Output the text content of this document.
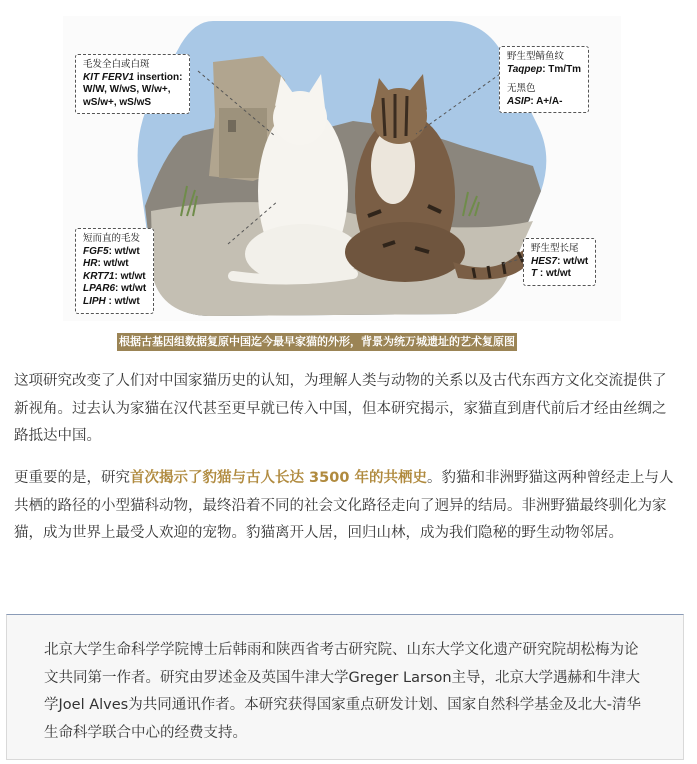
毛发全白或白斑
KIT FERV1 insertion:
W/W, W/wS, W/w+,
wS/w+, wS/wS
野生型鲭鱼纹
Taqpep: Tm/Tm
无黑色
ASIP: A+/A-
短而直的毛发
FGF5: wt/wt
HR: wt/wt
KRT71: wt/wt
LPAR6: wt/wt
LIPH : wt/wt
野生型长尾
HES7: wt/wt
T : wt/wt
根据古基因组数据复原中国迄今最早家猫的外形，背景为统万城遗址的艺术复原图

这项研究改变了人们对中国家猫历史的认知，为理解人类与动物的关系以及古代东西方文化交流提供了新视角。过去认为家猫在汉代甚至更早就已传入中国，但本研究揭示，家猫直到唐代前后才经由丝绸之路抵达中国。

更重要的是，研究首次揭示了豹猫与古人长达 3500 年的共栖史。豹猫和非洲野猫这两种曾经走上与人共栖的路径的小型猫科动物，最终沿着不同的社会文化路径走向了迥异的结局。非洲野猫最终驯化为家猫，成为世界上最受人欢迎的宠物。豹猫离开人居，回归山林，成为我们隐秘的野生动物邻居。

北京大学生命科学学院博士后韩雨和陕西省考古研究院、山东大学文化遗产研究院胡松梅为论文共同第一作者。研究由罗述金及英国牛津大学Greger Larson主导，北京大学遇赫和牛津大学Joel Alves为共同通讯作者。本研究获得国家重点研发计划、国家自然科学基金及北大-清华生命科学联合中心的经费支持。
